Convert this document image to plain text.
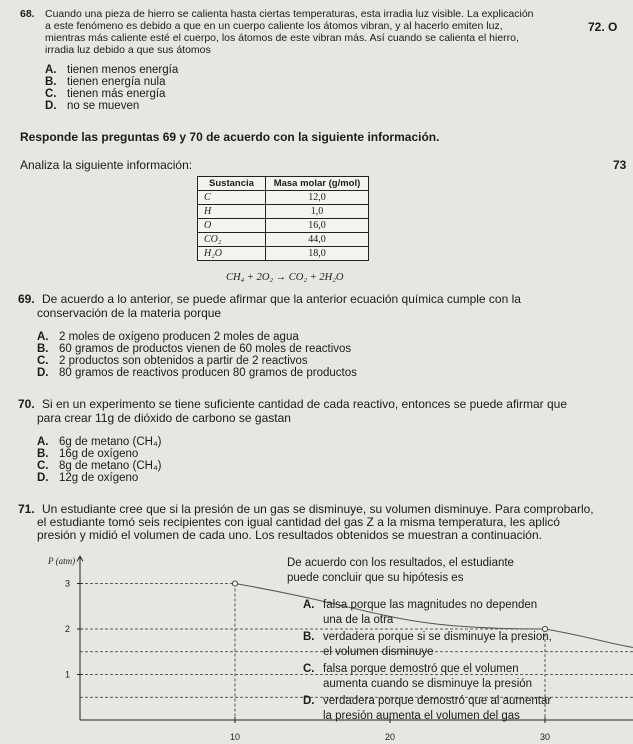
68. Cuando una pieza de hierro se calienta hasta ciertas temperaturas, esta irradia luz visible. La explicación
a este fenómeno es debido a que en un cuerpo caliente los átomos vibran, y al hacerlo emiten luz,
mientras más caliente esté el cuerpo, los átomos de este vibran más. Así cuando se calienta el hierro,
irradia luz debido a que sus átomos
72. O
A. tienen menos energía
B. tienen energía nula
C. tienen más energía
D. no se mueven
Responde las preguntas 69 y 70 de acuerdo con la siguiente información.
Analiza la siguiente información:	73
Sustancia	Masa molar (g/mol)
C	12,0
H	1,0
O	16,0
CO₂	44,0
H₂O	18,0
CH₄ + 2O₂ → CO₂ + 2H₂O
69. De acuerdo a lo anterior, se puede afirmar que la anterior ecuación química cumple con la
conservación de la materia porque
A. 2 moles de oxígeno producen 2 moles de agua
B. 60 gramos de productos vienen de 60 moles de reactivos
C. 2 productos son obtenidos a partir de 2 reactivos
D. 80 gramos de reactivos producen 80 gramos de productos
70. Si en un experimento se tiene suficiente cantidad de cada reactivo, entonces se puede afirmar que
para crear 11g de dióxido de carbono se gastan
A. 6g de metano (CH₄)
B. 16g de oxígeno
C. 8g de metano (CH₄)
D. 12g de oxígeno
71. Un estudiante cree que si la presión de un gas se disminuye, su volumen disminuye. Para comprobarlo,
el estudiante tomó seis recipientes con igual cantidad del gas Z a la misma temperatura, les aplicó
presión y midió el volumen de cada uno. Los resultados obtenidos se muestran a continuación.
P (atm)
10	20	30
1
2
3
De acuerdo con los resultados, el estudiante
puede concluir que su hipótesis es
A. falsa porque las magnitudes no dependen
una de la otra
B. verdadera porque si se disminuye la presion,
el volumen disminuye
C. falsa porque demostró que el volumen
aumenta cuando se disminuye la presión
D. verdadera porque demostró que al aumentar
la presión aumenta el volumen del gas
